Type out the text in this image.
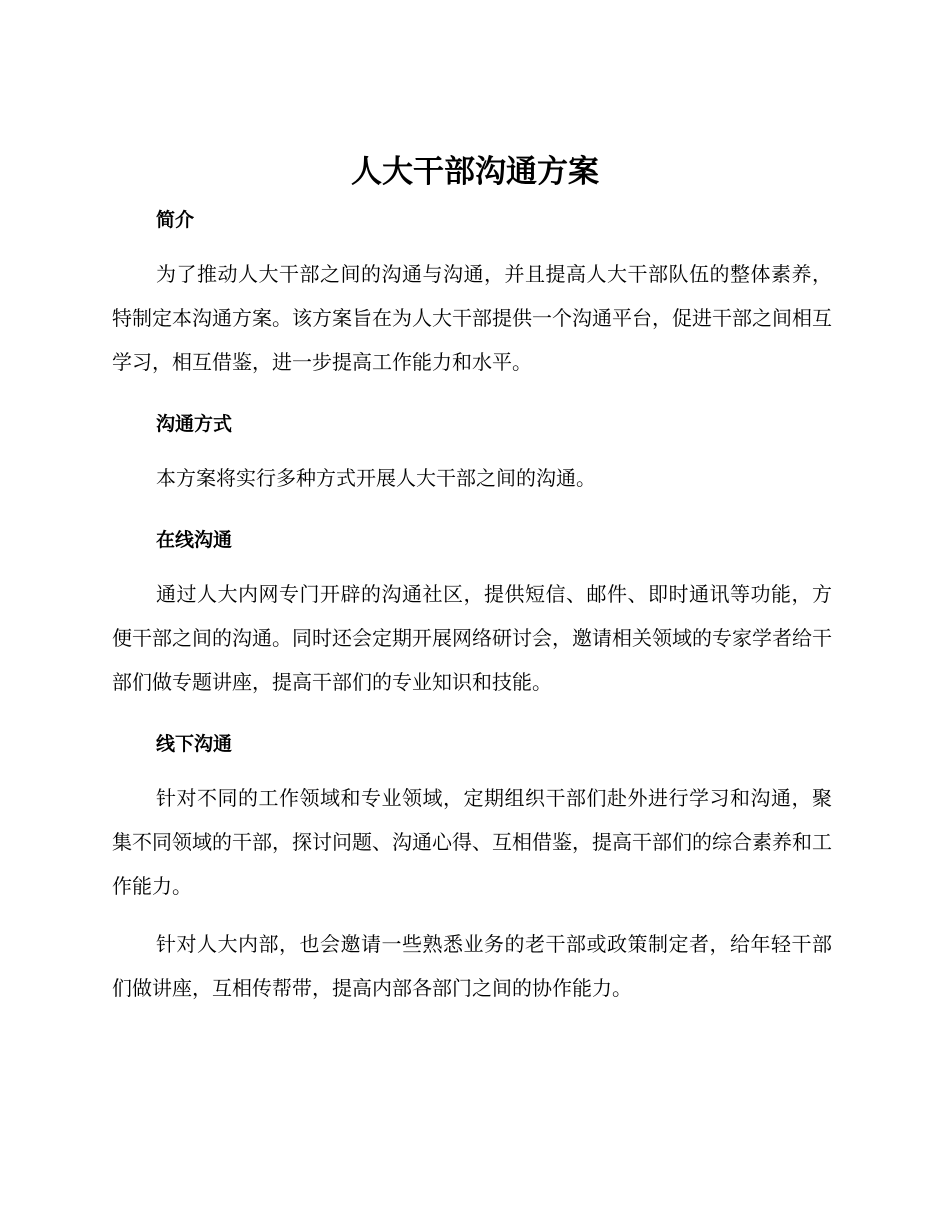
人大干部沟通方案
简介

为了推动人大干部之间的沟通与沟通，并且提高人大干部队伍的整体素养，特制定本沟通方案。该方案旨在为人大干部提供一个沟通平台，促进干部之间相互学习，相互借鉴，进一步提高工作能力和水平。

沟通方式

本方案将实行多种方式开展人大干部之间的沟通。

在线沟通

通过人大内网专门开辟的沟通社区，提供短信、邮件、即时通讯等功能，方便干部之间的沟通。同时还会定期开展网络研讨会，邀请相关领域的专家学者给干部们做专题讲座，提高干部们的专业知识和技能。

线下沟通

针对不同的工作领域和专业领域，定期组织干部们赴外进行学习和沟通，聚集不同领域的干部，探讨问题、沟通心得、互相借鉴，提高干部们的综合素养和工作能力。

针对人大内部，也会邀请一些熟悉业务的老干部或政策制定者，给年轻干部们做讲座，互相传帮带，提高内部各部门之间的协作能力。
